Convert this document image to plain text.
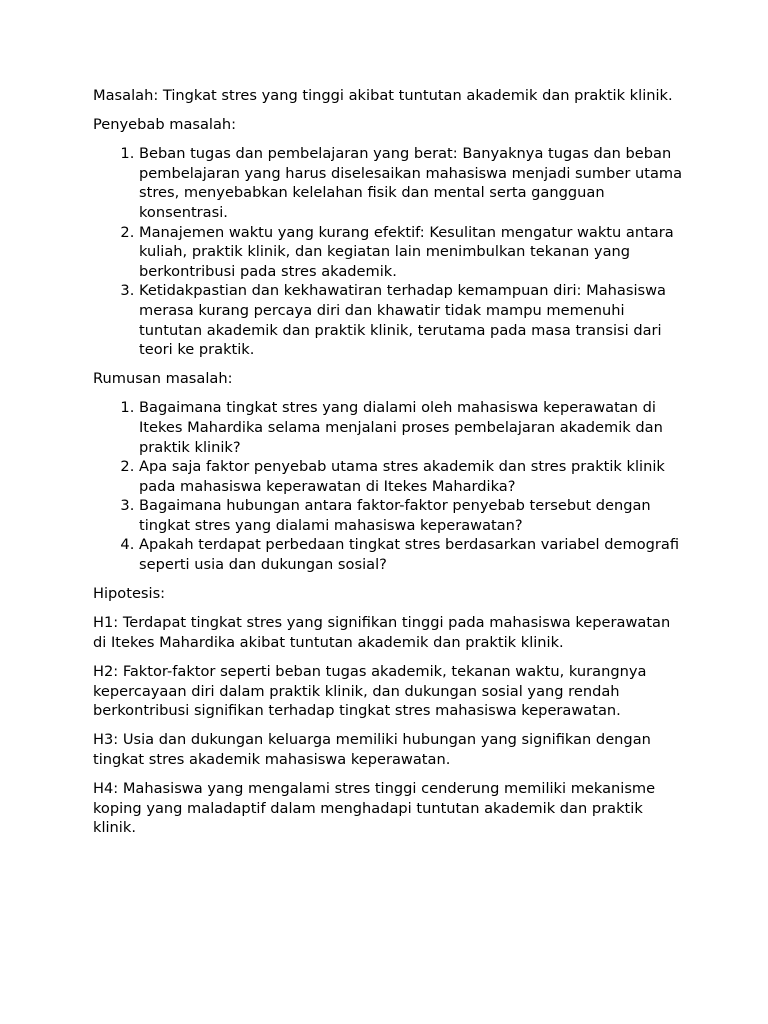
Masalah: Tingkat stres yang tinggi akibat tuntutan akademik dan praktik klinik.

Penyebab masalah:

1. Beban tugas dan pembelajaran yang berat: Banyaknya tugas dan beban pembelajaran yang harus diselesaikan mahasiswa menjadi sumber utama stres, menyebabkan kelelahan fisik dan mental serta gangguan konsentrasi.
2. Manajemen waktu yang kurang efektif: Kesulitan mengatur waktu antara kuliah, praktik klinik, dan kegiatan lain menimbulkan tekanan yang berkontribusi pada stres akademik.
3. Ketidakpastian dan kekhawatiran terhadap kemampuan diri: Mahasiswa merasa kurang percaya diri dan khawatir tidak mampu memenuhi tuntutan akademik dan praktik klinik, terutama pada masa transisi dari teori ke praktik.

Rumusan masalah:

1. Bagaimana tingkat stres yang dialami oleh mahasiswa keperawatan di Itekes Mahardika selama menjalani proses pembelajaran akademik dan praktik klinik?
2. Apa saja faktor penyebab utama stres akademik dan stres praktik klinik pada mahasiswa keperawatan di Itekes Mahardika?
3. Bagaimana hubungan antara faktor-faktor penyebab tersebut dengan tingkat stres yang dialami mahasiswa keperawatan?
4. Apakah terdapat perbedaan tingkat stres berdasarkan variabel demografi seperti usia dan dukungan sosial?

Hipotesis:

H1: Terdapat tingkat stres yang signifikan tinggi pada mahasiswa keperawatan di Itekes Mahardika akibat tuntutan akademik dan praktik klinik.

H2: Faktor-faktor seperti beban tugas akademik, tekanan waktu, kurangnya kepercayaan diri dalam praktik klinik, dan dukungan sosial yang rendah berkontribusi signifikan terhadap tingkat stres mahasiswa keperawatan.

H3: Usia dan dukungan keluarga memiliki hubungan yang signifikan dengan tingkat stres akademik mahasiswa keperawatan.

H4: Mahasiswa yang mengalami stres tinggi cenderung memiliki mekanisme koping yang maladaptif dalam menghadapi tuntutan akademik dan praktik klinik.
